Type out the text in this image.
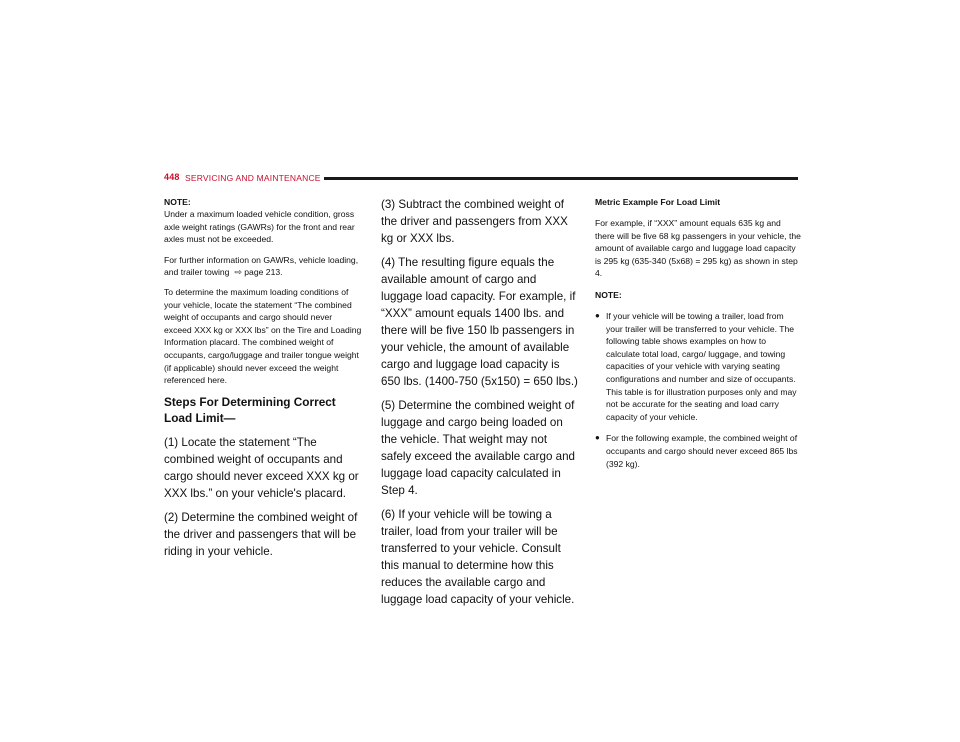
448 SERVICING AND MAINTENANCE
NOTE:

Under a maximum loaded vehicle condition, gross axle weight ratings (GAWRs) for the front and rear axles must not be exceeded.

For further information on GAWRs, vehicle loading, and trailer towing  ⇨ page 213.

To determine the maximum loading conditions of your vehicle, locate the statement “The combined weight of occupants and cargo should never exceed XXX kg or XXX lbs” on the Tire and Loading Information placard. The combined weight of occupants, cargo/luggage and trailer tongue weight (if applicable) should never exceed the weight referenced here.

Steps For Determining Correct Load Limit—

(1) Locate the statement “The combined weight of occupants and cargo should never exceed XXX kg or XXX lbs.” on your vehicle's placard.

(2) Determine the combined weight of the driver and passengers that will be riding in your vehicle.

(3) Subtract the combined weight of the driver and passengers from XXX kg or XXX lbs.

(4) The resulting figure equals the available amount of cargo and luggage load capacity. For example, if “XXX” amount equals 1400 lbs. and there will be five 150 lb passengers in your vehicle, the amount of available cargo and luggage load capacity is 650 lbs. (1400-750 (5x150) = 650 lbs.)

(5) Determine the combined weight of luggage and cargo being loaded on the vehicle. That weight may not safely exceed the available cargo and luggage load capacity calculated in Step 4.

(6) If your vehicle will be towing a trailer, load from your trailer will be transferred to your vehicle. Consult this manual to determine how this reduces the available cargo and luggage load capacity of your vehicle.

Metric Example For Load Limit

For example, if “XXX” amount equals 635 kg and there will be five 68 kg passengers in your vehicle, the amount of available cargo and luggage load capacity is 295 kg (635-340 (5x68) = 295 kg) as shown in step 4.

NOTE:
● If your vehicle will be towing a trailer, load from your trailer will be transferred to your vehicle. The following table shows examples on how to calculate total load, cargo/ luggage, and towing capacities of your vehicle with varying seating configurations and number and size of occupants. This table is for illustration purposes only and may not be accurate for the seating and load carry capacity of your vehicle.
● For the following example, the combined weight of occupants and cargo should never exceed 865 lbs (392 kg).
